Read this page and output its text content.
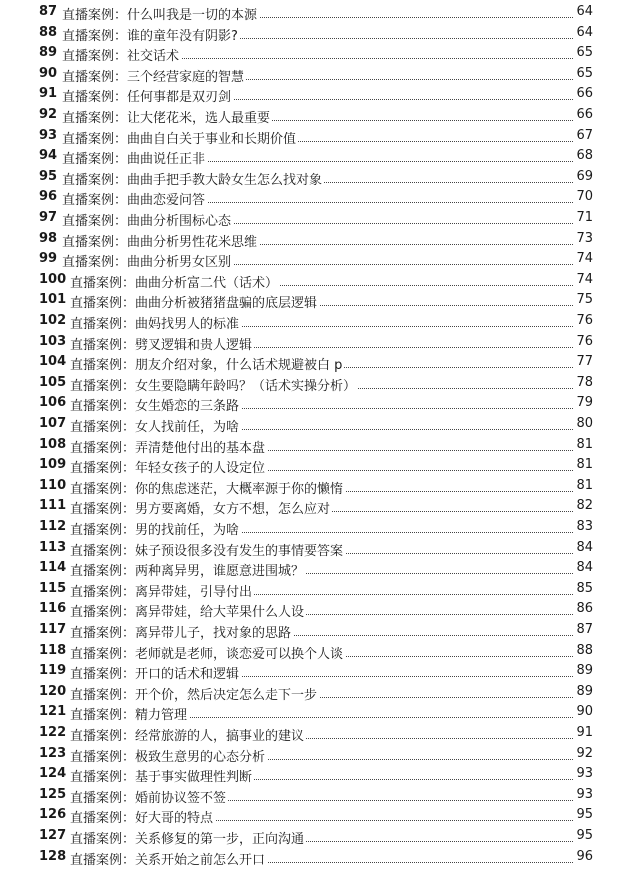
87 直播案例：什么叫我是一切的本源	64
88 直播案例：谁的童年没有阴影?	64
89 直播案例：社交话术	65
90 直播案例：三个经营家庭的智慧	65
91 直播案例：任何事都是双刃剑	66
92 直播案例：让大佬花米，选人最重要	66
93 直播案例：曲曲自白关于事业和长期价值	67
94 直播案例：曲曲说任正非	68
95 直播案例：曲曲手把手教大龄女生怎么找对象	69
96 直播案例：曲曲恋爱问答	70
97 直播案例：曲曲分析围标心态	71
98 直播案例：曲曲分析男性花米思维	73
99 直播案例：曲曲分析男女区别	74
100 直播案例：曲曲分析富二代（话术）	74
101 直播案例：曲曲分析被猪猪盘骗的底层逻辑	75
102 直播案例：曲妈找男人的标准	76
103 直播案例：劈叉逻辑和贵人逻辑	76
104 直播案例：朋友介绍对象，什么话术规避被白 p	77
105 直播案例：女生要隐瞒年龄吗？（话术实操分析）	78
106 直播案例：女生婚恋的三条路	79
107 直播案例：女人找前任，为啥	80
108 直播案例：弄清楚他付出的基本盘	81
109 直播案例：年轻女孩子的人设定位	81
110 直播案例：你的焦虑迷茫，大概率源于你的懒惰	81
111 直播案例：男方要离婚，女方不想，怎么应对	82
112 直播案例：男的找前任，为啥	83
113 直播案例：妹子预设很多没有发生的事情要答案	84
114 直播案例：两种离异男，谁愿意进围城？	84
115 直播案例：离异带娃，引导付出	85
116 直播案例：离异带娃，给大苹果什么人设	86
117 直播案例：离异带儿子，找对象的思路	87
118 直播案例：老师就是老师，谈恋爱可以换个人谈	88
119 直播案例：开口的话术和逻辑	89
120 直播案例：开个价，然后决定怎么走下一步	89
121 直播案例：精力管理	90
122 直播案例：经常旅游的人，搞事业的建议	91
123 直播案例：极致生意男的心态分析	92
124 直播案例：基于事实做理性判断	93
125 直播案例：婚前协议签不签	93
126 直播案例：好大哥的特点	95
127 直播案例：关系修复的第一步，正向沟通	95
128 直播案例：关系开始之前怎么开口	96
